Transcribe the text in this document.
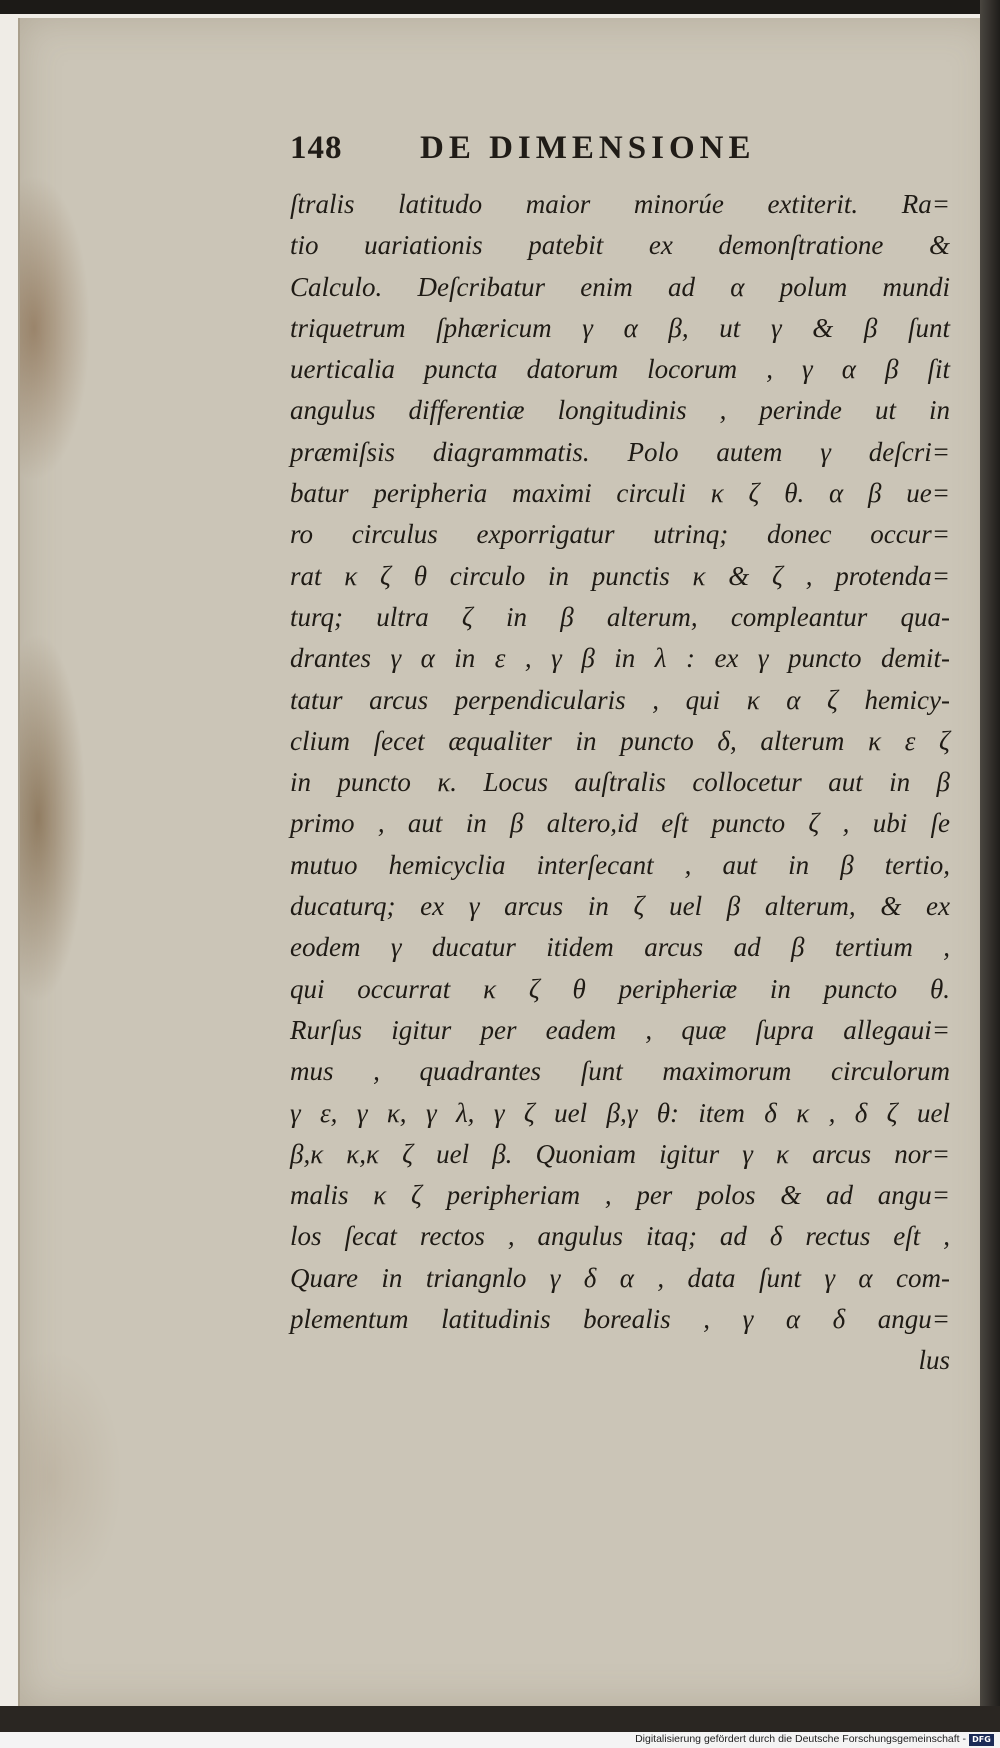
148 DE DIMENSIONE
ſtralis latitudo maior minorúe extiterit. Ra=
tio uariationis patebit ex demonſtratione &
Calculo. Deſcribatur enim ad α polum mundi
triquetrum ſphæricum γ α β, ut γ & β ſunt
uerticalia puncta datorum locorum , γ α β ſit
angulus differentiæ longitudinis , perinde ut in
præmiſsis diagrammatis. Polo autem γ deſcri=
batur peripheria maximi circuli κ ζ θ. α β ue=
ro circulus exporrigatur utrinq; donec occur=
rat κ ζ θ circulo in punctis κ & ζ , protenda=
turq; ultra ζ in β alterum, compleantur qua-
drantes γ α in ε , γ β in λ : ex γ puncto demit-
tatur arcus perpendicularis , qui κ α ζ hemicy-
clium ſecet æqualiter in puncto δ, alterum κ ε ζ
in puncto κ. Locus auſtralis collocetur aut in β
primo , aut in β altero,id eſt puncto ζ , ubi ſe
mutuo hemicyclia interſecant , aut in β tertio,
ducaturq; ex γ arcus in ζ uel β alterum, & ex
eodem γ ducatur itidem arcus ad β tertium ,
qui occurrat κ ζ θ peripheriæ in puncto θ.
Rurſus igitur per eadem , quæ ſupra allegaui=
mus , quadrantes ſunt maximorum circulorum
γ ε, γ κ, γ λ, γ ζ uel β,γ θ: item δ κ , δ ζ uel
β,κ κ,κ ζ uel β. Quoniam igitur γ κ arcus nor=
malis κ ζ peripheriam , per polos & ad angu=
los ſecat rectos , angulus itaq; ad δ rectus eſt ,
Quare in triangnlo γ δ α , data ſunt γ α com-
plementum latitudinis borealis , γ α δ angu=
lus
Digitalisierung gefördert durch die Deutsche Forschungsgemeinschaft - DFG
